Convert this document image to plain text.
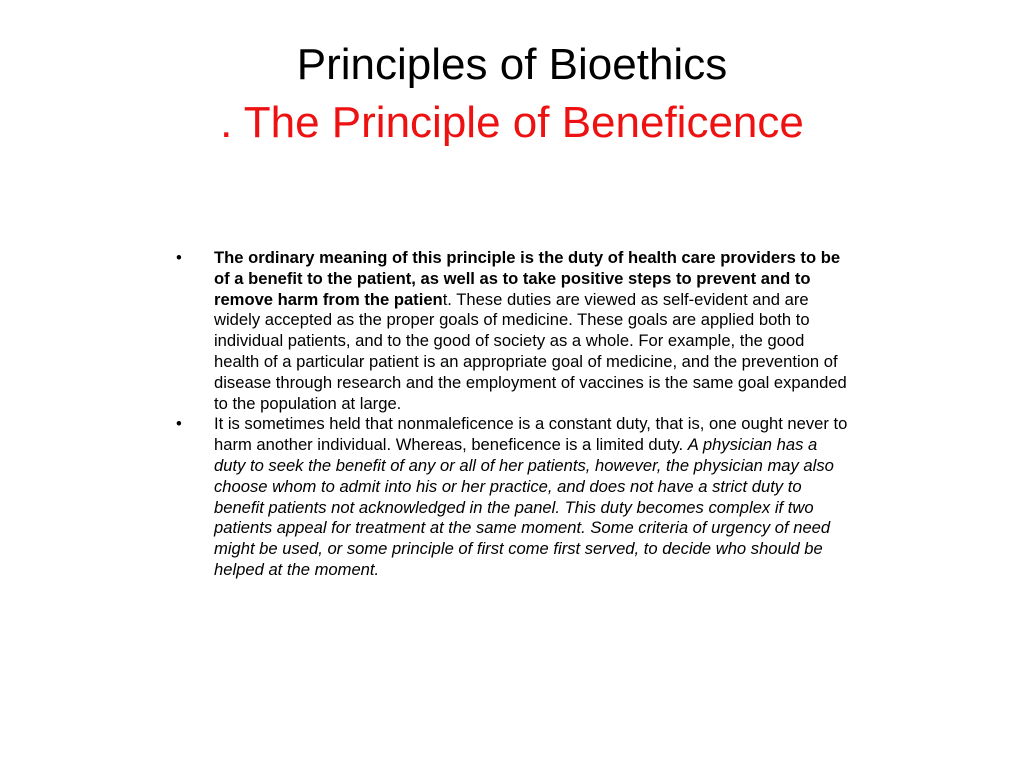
Principles of Bioethics
. The Principle of Beneficence
•	The ordinary meaning of this principle is the duty of health care providers to be of a benefit to the patient, as well as to take positive steps to prevent and to remove harm from the patient. These duties are viewed as self-evident and are widely accepted as the proper goals of medicine. These goals are applied both to individual patients, and to the good of society as a whole. For example, the good health of a particular patient is an appropriate goal of medicine, and the prevention of disease through research and the employment of vaccines is the same goal expanded to the population at large.
•	It is sometimes held that nonmaleficence is a constant duty, that is, one ought never to harm another individual. Whereas, beneficence is a limited duty. A physician has a duty to seek the benefit of any or all of her patients, however, the physician may also choose whom to admit into his or her practice, and does not have a strict duty to benefit patients not acknowledged in the panel. This duty becomes complex if two patients appeal for treatment at the same moment. Some criteria of urgency of need might be used, or some principle of first come first served, to decide who should be helped at the moment.
